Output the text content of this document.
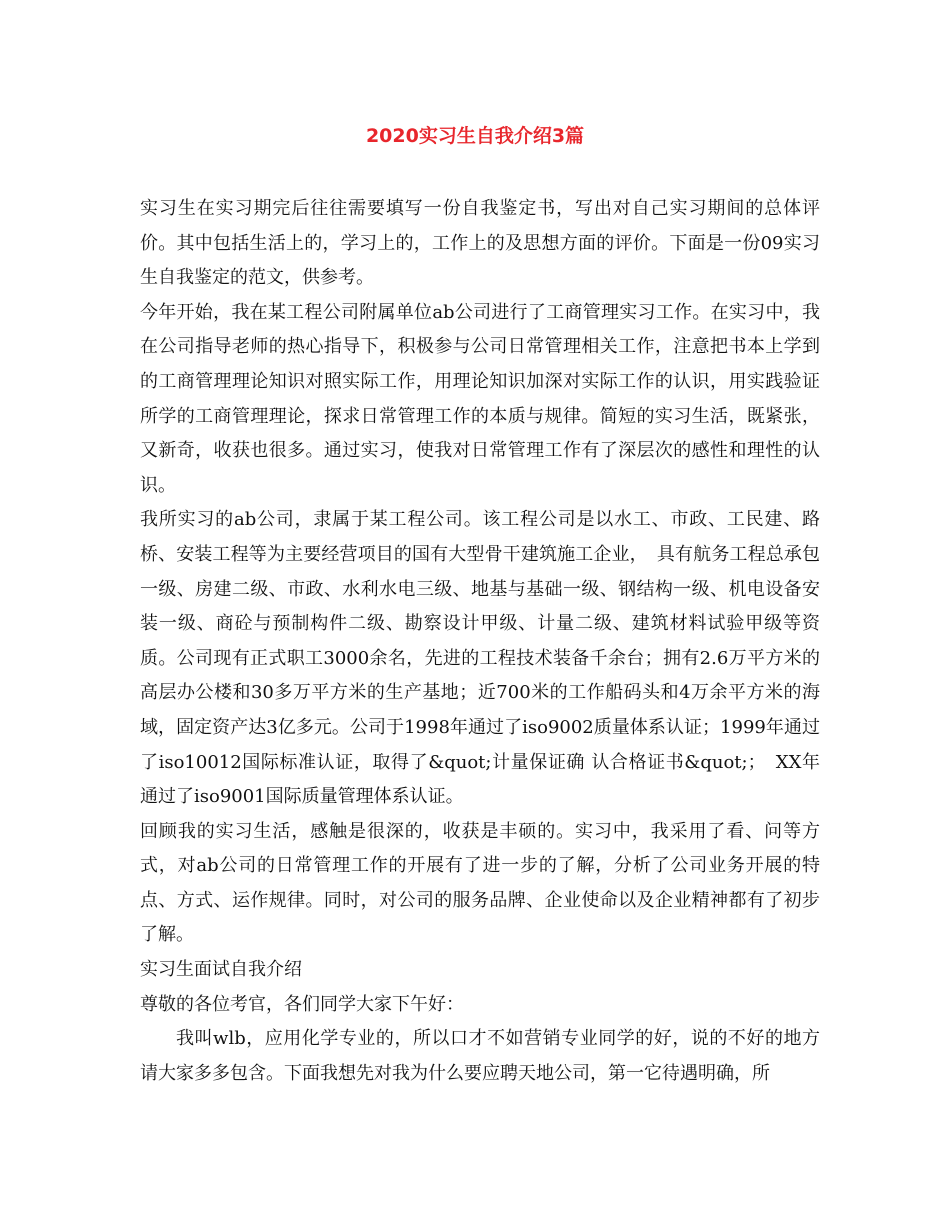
2020实习生自我介绍3篇

实习生在实习期完后往往需要填写一份自我鉴定书，写出对自己实习期间的总体评价。其中包括生活上的，学习上的，工作上的及思想方面的评价。下面是一份09实习生自我鉴定的范文，供参考。

今年开始，我在某工程公司附属单位ab公司进行了工商管理实习工作。在实习中，我在公司指导老师的热心指导下，积极参与公司日常管理相关工作，注意把书本上学到的工商管理理论知识对照实际工作，用理论知识加深对实际工作的认识，用实践验证所学的工商管理理论，探求日常管理工作的本质与规律。简短的实习生活，既紧张，又新奇，收获也很多。通过实习，使我对日常管理工作有了深层次的感性和理性的认识。

我所实习的ab公司，隶属于某工程公司。该工程公司是以水工、市政、工民建、路桥、安装工程等为主要经营项目的国有大型骨干建筑施工企业，　具有航务工程总承包一级、房建二级、市政、水利水电三级、地基与基础一级、钢结构一级、机电设备安装一级、商砼与预制构件二级、勘察设计甲级、计量二级、建筑材料试验甲级等资质。公司现有正式职工3000余名，先进的工程技术装备千余台；拥有2.6万平方米的高层办公楼和30多万平方米的生产基地；近700米的工作船码头和4万余平方米的海域，固定资产达3亿多元。公司于1998年通过了iso9002质量体系认证；1999年通过了iso10012国际标准认证，取得了&quot;计量保证确 认合格证书&quot;；　XX年通过了iso9001国际质量管理体系认证。

回顾我的实习生活，感触是很深的，收获是丰硕的。实习中，我采用了看、问等方式，对ab公司的日常管理工作的开展有了进一步的了解，分析了公司业务开展的特点、方式、运作规律。同时，对公司的服务品牌、企业使命以及企业精神都有了初步了解。

实习生面试自我介绍

尊敬的各位考官，各们同学大家下午好：

我叫wlb，应用化学专业的，所以口才不如营销专业同学的好，说的不好的地方请大家多多包含。下面我想先对我为什么要应聘天地公司，第一它待遇明确，所
